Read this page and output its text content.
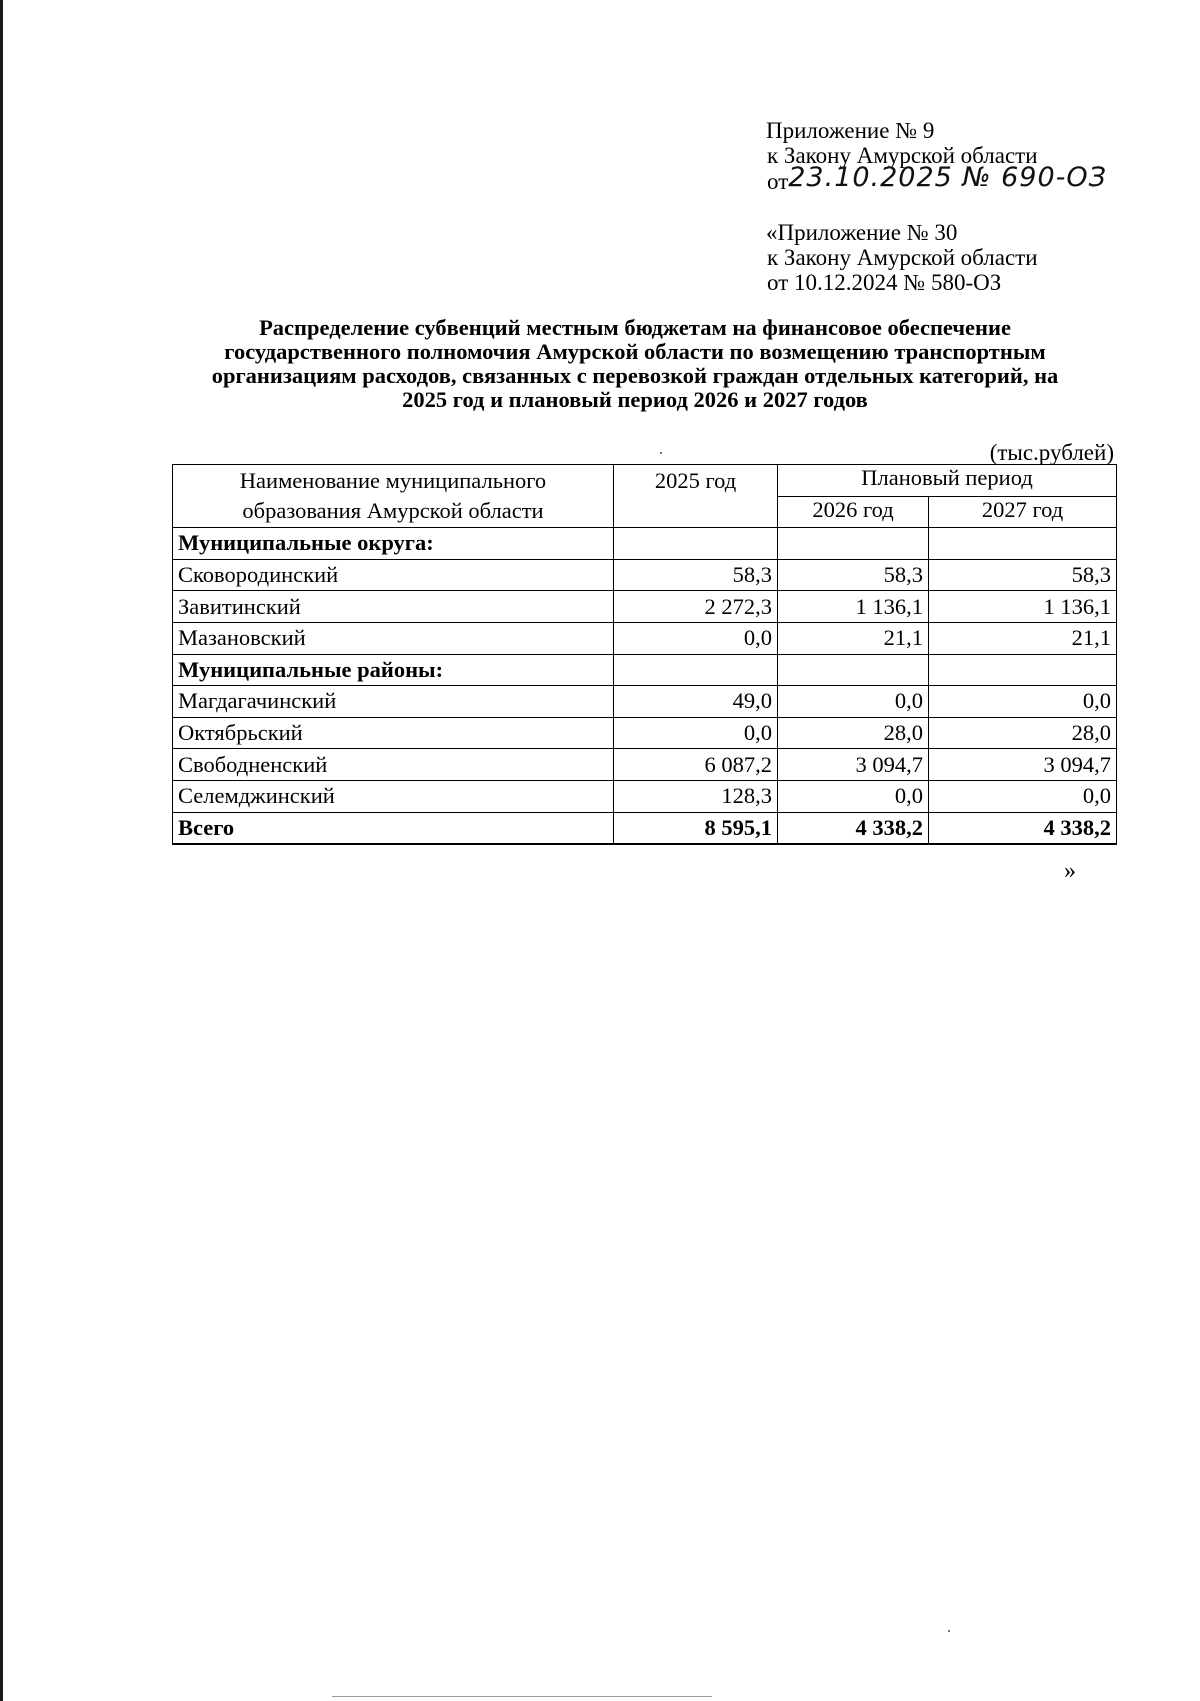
Приложение № 9
к Закону Амурской области
от23.10.2025 № 690-ОЗ
«Приложение № 30
к Закону Амурской области
от 10.12.2024 № 580-ОЗ
Распределение субвенций местным бюджетам на финансовое обеспечение
государственного полномочия Амурской области по возмещению транспортным
организациям расходов, связанных с перевозкой граждан отдельных категорий, на
2025 год и плановый период 2026 и 2027 годов
(тыс.рублей)
Наименование муниципального
образования Амурской области	2025 год	Плановый период	
		2026 год	2027 год
Муниципальные округа:			
Сковородинский	58,3	58,3	58,3
Завитинский	2 272,3	1 136,1	1 136,1
Мазановский	0,0	21,1	21,1
Муниципальные районы:			
Магдагачинский	49,0	0,0	0,0
Октябрьский	0,0	28,0	28,0
Свободненский	6 087,2	3 094,7	3 094,7
Селемджинский	128,3	0,0	0,0
Всего	8 595,1	4 338,2	4 338,2
»
